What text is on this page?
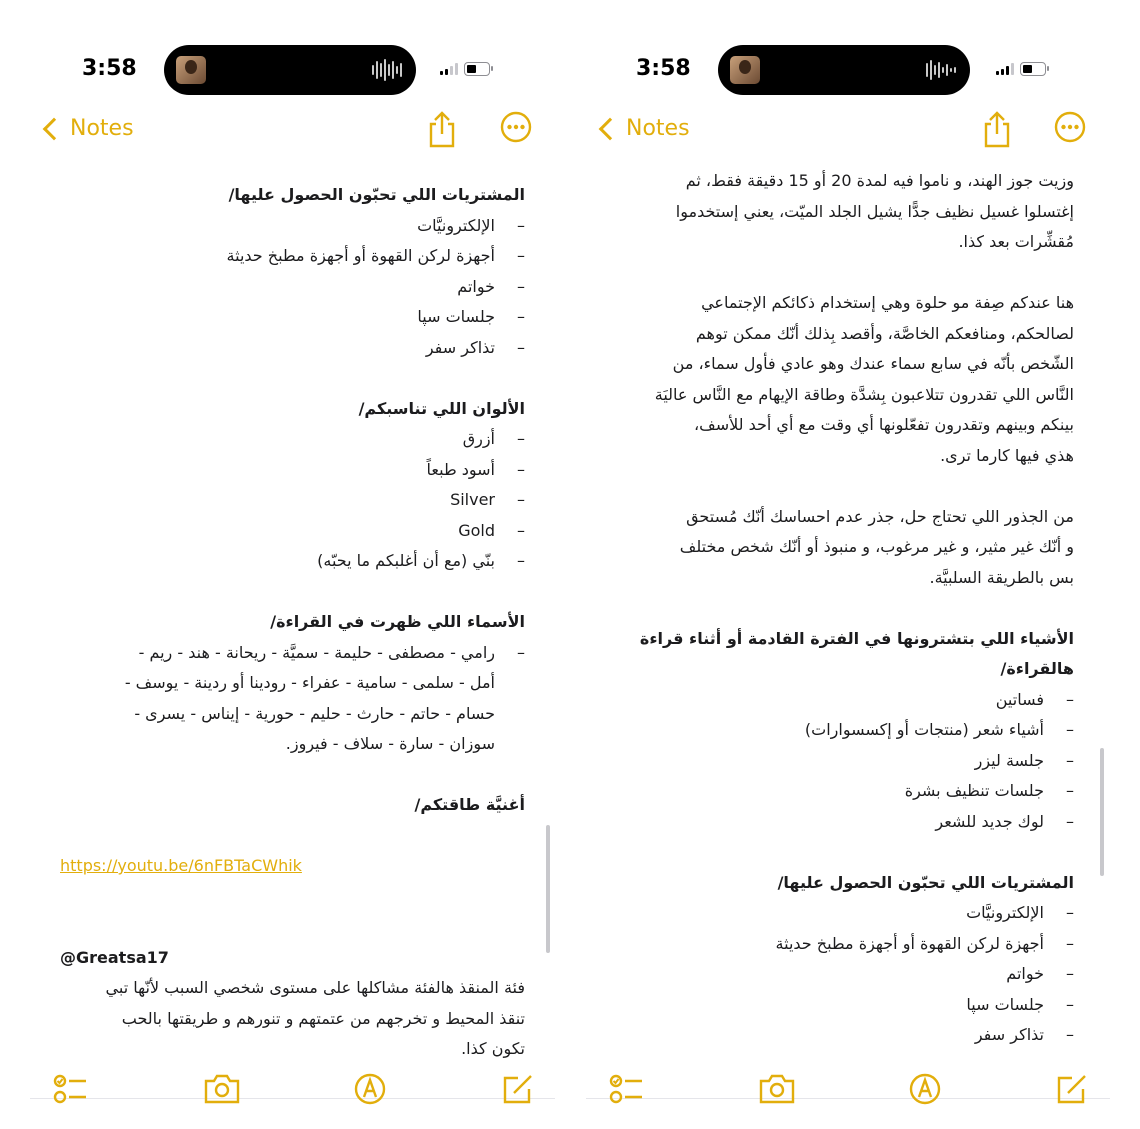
3:58
Notes
المشتريات اللي تحبّون الحصول عليها/
– الإلكترونيَّات
– أجهزة لركن القهوة أو أجهزة مطبخ حديثة
– خواتم
– جلسات سپا
– تذاكر سفر
الألوان اللي تناسبكم/
– أزرق
– أسود طبعاً
– Silver
– Gold
– بنّي (مع أن أغلبكم ما يحبّه)
الأسماء اللي ظهرت في القراءة/
– رامي - مصطفى - حليمة - سميَّة - ريحانة - هند - ريم -
أمل - سلمى - سامية - عفراء - رودينا أو ردينة - يوسف -
حسام - حاتم - حارث - حليم - حورية - إيناس - يسرى -
سوزان - سارة - سلاف - فيروز.
أغنيَّة طاقتكم/
https://youtu.be/6nFBTaCWhik
@Greatsa17
فئة المنقذ هالفئة مشاكلها على مستوى شخصي السبب لأنّها تبي
تنقذ المحيط و تخرجهم من عتمتهم و تنورهم و طريقتها بالحب
تكون كذا.
3:58
Notes
وزيت جوز الهند، و ناموا فيه لمدة 20 أو 15 دقيقة فقط، ثم
إغتسلوا غسيل نظيف جدًّا يشيل الجلد الميّت، يعني إستخدموا
مُقشِّرات بعد كذا.
هنا عندكم صِفة مو حلوة وهي إستخدام ذكائكم الإجتماعي
لصالحكم، ومنافعكم الخاصَّة، وأقصد بِذلك أنّك ممكن توهم
الشّخص بأنّه في سابع سماء عندك وهو عادي فأول سماء، من
النَّاس اللي تقدرون تتلاعبون بِشدَّة وطاقة الإيهام مع النَّاس عاليَة
بينكم وبينهم وتقدرون تفعّلونها أي وقت مع أي أحد للأسف،
هذي فيها كارما ترى.
من الجذور اللي تحتاج حل، جذر عدم احساسك أنّك مُستحق
و أنّك غير مثير، و غير مرغوب، و منبوذ أو أنّك شخص مختلف
بس بالطريقة السلبيَّة.
الأشياء اللي بتشترونها في الفترة القادمة أو أثناء قراءة
هالقراءة/
– فساتين
– أشياء شعر (منتجات أو إكسسوارات)
– جلسة ليزر
– جلسات تنظيف بشرة
– لوك جديد للشعر
المشتريات اللي تحبّون الحصول عليها/
– الإلكترونيَّات
– أجهزة لركن القهوة أو أجهزة مطبخ حديثة
– خواتم
– جلسات سپا
– تذاكر سفر
